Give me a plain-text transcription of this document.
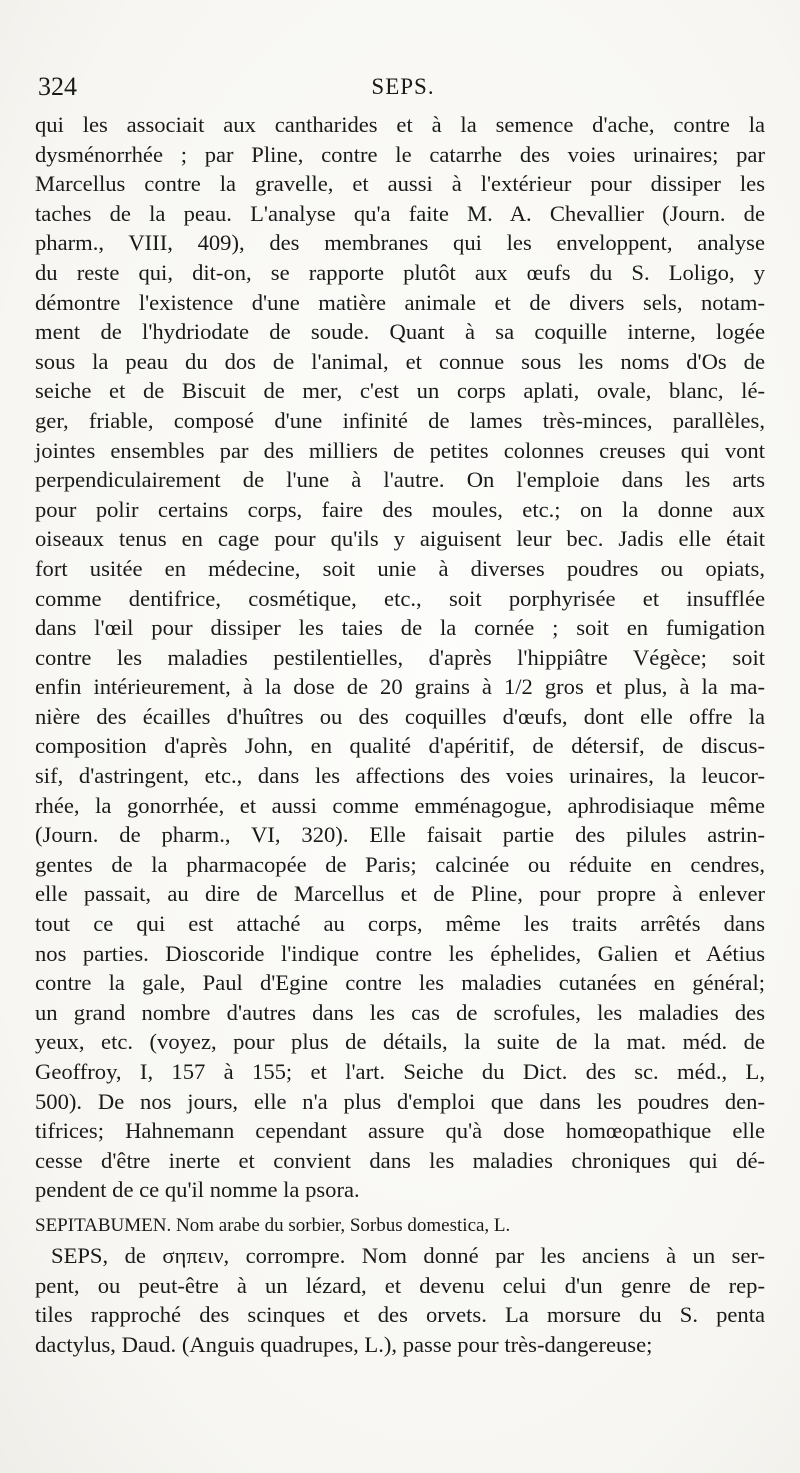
324	SEPS.
qui les associait aux cantharides et à la semence d'ache, contre la
dysménorrhée ; par Pline, contre le catarrhe des voies urinaires; par
Marcellus contre la gravelle, et aussi à l'extérieur pour dissiper les
taches de la peau. L'analyse qu'a faite M. A. Chevallier (Journ. de
pharm., VIII, 409), des membranes qui les enveloppent, analyse
du reste qui, dit-on, se rapporte plutôt aux œufs du S. Loligo, y
démontre l'existence d'une matière animale et de divers sels, notam-
ment de l'hydriodate de soude. Quant à sa coquille interne, logée
sous la peau du dos de l'animal, et connue sous les noms d'Os de
seiche et de Biscuit de mer, c'est un corps aplati, ovale, blanc, lé-
ger, friable, composé d'une infinité de lames très-minces, parallèles,
jointes ensembles par des milliers de petites colonnes creuses qui vont
perpendiculairement de l'une à l'autre. On l'emploie dans les arts
pour polir certains corps, faire des moules, etc.; on la donne aux
oiseaux tenus en cage pour qu'ils y aiguisent leur bec. Jadis elle était
fort usitée en médecine, soit unie à diverses poudres ou opiats,
comme dentifrice, cosmétique, etc., soit porphyrisée et insufflée
dans l'œil pour dissiper les taies de la cornée ; soit en fumigation
contre les maladies pestilentielles, d'après l'hippiâtre Végèce; soit
enfin intérieurement, à la dose de 20 grains à 1/2 gros et plus, à la ma-
nière des écailles d'huîtres ou des coquilles d'œufs, dont elle offre la
composition d'après John, en qualité d'apéritif, de détersif, de discus-
sif, d'astringent, etc., dans les affections des voies urinaires, la leucor-
rhée, la gonorrhée, et aussi comme emménagogue, aphrodisiaque même
(Journ. de pharm., VI, 320). Elle faisait partie des pilules astrin-
gentes de la pharmacopée de Paris; calcinée ou réduite en cendres,
elle passait, au dire de Marcellus et de Pline, pour propre à enlever
tout ce qui est attaché au corps, même les traits arrêtés dans
nos parties. Dioscoride l'indique contre les éphelides, Galien et Aétius
contre la gale, Paul d'Egine contre les maladies cutanées en général;
un grand nombre d'autres dans les cas de scrofules, les maladies des
yeux, etc. (voyez, pour plus de détails, la suite de la mat. méd. de
Geoffroy, I, 157 à 155; et l'art. Seiche du Dict. des sc. méd., L,
500). De nos jours, elle n'a plus d'emploi que dans les poudres den-
tifrices; Hahnemann cependant assure qu'à dose homœopathique elle
cesse d'être inerte et convient dans les maladies chroniques qui dé-
pendent de ce qu'il nomme la psora.
SEPITABUMEN. Nom arabe du sorbier, Sorbus domestica, L.
SEPS, de σηπειν, corrompre. Nom donné par les anciens à un ser-
pent, ou peut-être à un lézard, et devenu celui d'un genre de rep-
tiles rapproché des scinques et des orvets. La morsure du S. penta
dactylus, Daud. (Anguis quadrupes, L.), passe pour très-dangereuse;
